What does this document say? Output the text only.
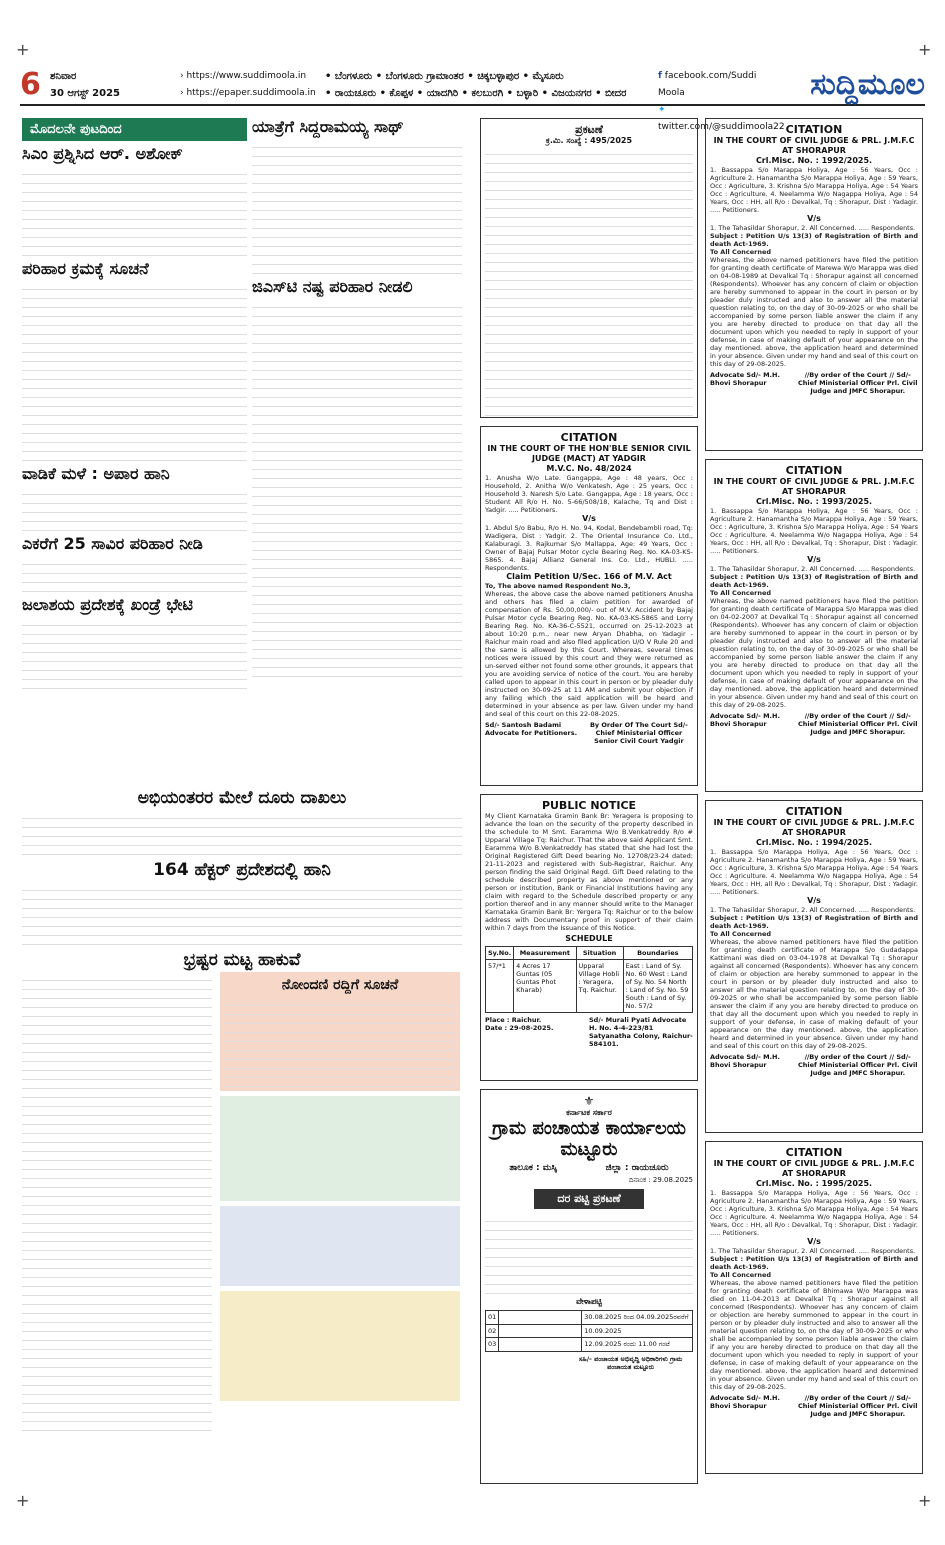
+	+
+	+
6 ಶನಿವಾರ
30 ಆಗಸ್ಟ್ 2025
› https://www.suddimoola.in
› https://epaper.suddimoola.in
• ಬೆಂಗಳೂರು • ಬೆಂಗಳೂರು ಗ್ರಾಮಾಂತರ • ಚಿಕ್ಕಬಳ್ಳಾಪುರ • ಮೈಸೂರು
• ರಾಯಚೂರು • ಕೊಪ್ಪಳ • ಯಾದಗಿರಿ • ಕಲಬುರಗಿ • ಬಳ್ಳಾರಿ • ವಿಜಯನಗರ • ಬೀದರ
f facebook.com/Suddi Moola
✦ twitter.com/@suddimoola22
ಸುದ್ದಿಮೂಲ
ಮೊದಲನೇ ಪುಟದಿಂದ
ಸಿಎಂ ಪ್ರಶ್ನಿಸಿದ ಆರ್. ಅಶೋಕ್
ಪರಿಹಾರ ಕ್ರಮಕ್ಕೆ ಸೂಚನೆ
ವಾಡಿಕೆ ಮಳೆ : ಅಪಾರ ಹಾನಿ
ಎಕರೆಗೆ 25 ಸಾವಿರ ಪರಿಹಾರ ನೀಡಿ
ಜಲಾಶಯ ಪ್ರದೇಶಕ್ಕೆ ಖಂಡ್ರೆ ಭೇಟಿ
ಯಾತ್ರೆಗೆ ಸಿದ್ದರಾಮಯ್ಯ ಸಾಥ್
ಜಿಎಸ್‌ಟಿ ನಷ್ಟ ಪರಿಹಾರ ನೀಡಲಿ
ಅಭಿಯಂತರರ ಮೇಲೆ ದೂರು ದಾಖಲು
164 ಹೆಕ್ಟರ್ ಪ್ರದೇಶದಲ್ಲಿ ಹಾನಿ
ಭ್ರಷ್ಟರ ಮಟ್ಟ ಹಾಕುವೆ
ನೋಂದಣಿ ರದ್ದಿಗೆ ಸೂಚನೆ
ಪ್ರಕಟಣೆ
ಕ್ರ.ಮಿ. ಸಂಖ್ಯೆ : 495/2025
CITATION
IN THE COURT OF THE HON'BLE SENIOR CIVIL JUDGE (MACT) AT YADGIR
M.V.C. No. 48/2024
1. Anusha W/o Late. Gangappa, Age : 48 years, Occ : Household, 2. Anitha W/o Venkatesh, Age : 25 years, Occ : Household 3. Naresh S/o Late. Gangappa, Age : 18 years, Occ : Student All R/o H. No. 5-66/508/18, Kalache, Tq and Dist : Yadgir. ..... Petitioners.
V/s
1. Abdul S/o Babu, R/o H. No. 94, Kodal, Bendebambli road, Tq: Wadigera, Dist : Yadgir. 2. The Oriental Insurance Co. Ltd., Kalaburagi. 3. Rajkumar S/o Mallappa, Age: 49 Years, Occ : Owner of Bajaj Pulsar Motor cycle Bearing Reg. No. KA-03-KS-5865. 4. Bajaj Allianz General Ins. Co. Ltd., HUBLI. ..... Respondents.
Claim Petition U/Sec. 166 of M.V. Act
To, The above named Respondent No.3,
Whereas, the above case the above named petitioners Anusha and others has filed a claim petition for awarded of compensation of Rs. 50,00,000/- out of M.V. Accident by Bajaj Pulsar Motor cycle Bearing Reg. No. KA-03-KS-5865 and Lorry Bearing Reg. No. KA-36-C-5521, occurred on 25-12-2023 at about 10:20 p.m., near new Aryan Dhabha, on Yadagir - Raichur main road and also filed application U/O V Rule 20 and the same is allowed by this Court. Whereas, several times notices were issued by this court and they were returned as un-served either not found some other grounds, it appears that you are avoiding service of notice of the court. You are hereby called upon to appear in this court in person or by pleader duly instructed on 30-09-25 at 11 AM and submit your objection if any failing which the said application will be heard and determined in your absence as per law. Given under my hand and seal of this court on this 22-08-2025.
Sd/- Santosh Badami Advocate for Petitioners.
By Order Of The Court Sd/- Chief Ministerial Officer Senior Civil Court Yadgir
PUBLIC NOTICE
My Client Karnataka Gramin Bank Br: Yeragera is proposing to advance the loan on the security of the property described in the schedule to M Smt. Earamma W/o B.Venkatreddy R/o # Upparal Village Tq: Raichur. That the above said Applicant Smt. Earamma W/o B.Venkatreddy has stated that she had lost the Original Registered Gift Deed bearing No. 12708/23-24 dated: 21-11-2023 and registered with Sub-Registrar, Raichur. Any person finding the said Original Regd. Gift Deed relating to the schedule described property as above mentioned or any person or institution, Bank or Financial Institutions having any claim with regard to the Schedule described property or any portion thereof and in any manner should write to the Manager Karnataka Gramin Bank Br: Yergera Tq: Raichur or to the below address with Documentary proof in support of their claim within 7 days from the Issuance of this Notice.
SCHEDULE
Sy.No.	Measurement	Situation	Boundaries
57/*1	4 Acres 17 Guntas (05 Guntas Phot Kharab)	Upparal Village Hobli : Yeragera, Tq. Raichur.	East : Land of Sy. No. 60 West : Land of Sy. No. 54 North : Land of Sy. No. 59 South : Land of Sy. No. 57/2
Place : Raichur.
Date : 29-08-2025.
Sd/- Murali Pyati Advocate H. No. 4-4-223/81 Satyanatha Colony, Raichur-584101.
⚜
ಕರ್ನಾಟಕ ಸರ್ಕಾರ
ಗ್ರಾಮ ಪಂಚಾಯತ ಕಾರ್ಯಾಲಯ ಮಟ್ಟೂರು
ತಾಲೂಕ : ಮಸ್ಕಿ	ಜಿಲ್ಲಾ : ರಾಯಚೂರು
ದಿನಾಂಕ : 29.08.2025
ದರ ಪಟ್ಟಿ ಪ್ರಕಟಣೆ
ವೇಳಾಪಟ್ಟಿ
01		30.08.2025 ರಿಂದ 04.09.2025ರವರೆಗೆ
02		10.09.2025
03		12.09.2025 ರಂದು 11.00 ಗಂಟೆ
ಸಹಿ/- ಪಂಚಾಯತ ಅಭಿವೃದ್ಧಿ ಅಧಿಕಾರಿಗಳು ಗ್ರಾಮ ಪಂಚಾಯತ ಮಟ್ಟೂರು
CITATION
IN THE COURT OF CIVIL JUDGE & PRL. J.M.F.C AT SHORAPUR
Crl.Misc. No. : 1992/2025.
1. Bassappa S/o Marappa Holiya, Age : 56 Years, Occ : Agriculture 2. Hanamantha S/o Marappa Holiya, Age : 59 Years, Occ : Agriculture, 3. Krishna S/o Marappa Holiya, Age : 54 Years Occ : Agriculture. 4. Neelamma W/o Nagappa Holiya, Age : 54 Years, Occ : HH, all R/o : Devalkal, Tq : Shorapur, Dist : Yadagir. ..... Petitioners.
V/s
1. The Tahasildar Shorapur, 2. All Concerned. ..... Respondents.
Subject : Petition U/s 13(3) of Registration of Birth and death Act-1969.
To All Concerned
Whereas, the above named petitioners have filed the petition for granting death certificate of Marewa W/o Marappa was died on 04-08-1989 at Devalkal Tq : Shorapur against all concerned (Respondents). Whoever has any concern of claim or objection are hereby summoned to appear in the court in person or by pleader duly instructed and also to answer all the material question relating to, on the day of 30-09-2025 or who shall be accompanied by some person liable answer the claim if any you are hereby directed to produce on that day all the document upon which you needed to reply in support of your defense, in case of making default of your appearance on the day mentioned. above, the application heard and determined in your absence. Given under my hand and seal of this court on this day of 29-08-2025.
Advocate Sd/- M.H. Bhovi Shorapur
//By order of the Court // Sd/- Chief Ministerial Officer Prl. Civil Judge and JMFC Shorapur.
CITATION
IN THE COURT OF CIVIL JUDGE & PRL. J.M.F.C AT SHORAPUR
Crl.Misc. No. : 1993/2025.
1. Bassappa S/o Marappa Holiya, Age : 56 Years, Occ : Agriculture 2. Hanamantha S/o Marappa Holiya, Age : 59 Years, Occ : Agriculture, 3. Krishna S/o Marappa Holiya, Age : 54 Years Occ : Agriculture. 4. Neelamma W/o Nagappa Holiya, Age : 54 Years, Occ : HH, all R/o : Devalkal, Tq : Shorapur, Dist : Yadagir. ..... Petitioners.
V/s
1. The Tahasildar Shorapur, 2. All Concerned. ..... Respondents.
Subject : Petition U/s 13(3) of Registration of Birth and death Act-1969.
To All Concerned
Whereas, the above named petitioners have filed the petition for granting death certificate of Marappa S/o Marappa was died on 04-02-2007 at Devalkal Tq : Shorapur against all concerned (Respondents). Whoever has any concern of claim or objection are hereby summoned to appear in the court in person or by pleader duly instructed and also to answer all the material question relating to, on the day of 30-09-2025 or who shall be accompanied by some person liable answer the claim if any you are hereby directed to produce on that day all the document upon which you needed to reply in support of your defense, in case of making default of your appearance on the day mentioned. above, the application heard and determined in your absence. Given under my hand and seal of this court on this day of 29-08-2025.
Advocate Sd/- M.H. Bhovi Shorapur
//By order of the Court // Sd/- Chief Ministerial Officer Prl. Civil Judge and JMFC Shorapur.
CITATION
IN THE COURT OF CIVIL JUDGE & PRL. J.M.F.C AT SHORAPUR
Crl.Misc. No. : 1994/2025.
1. Bassappa S/o Marappa Holiya, Age : 56 Years, Occ : Agriculture 2. Hanamantha S/o Marappa Holiya, Age : 59 Years, Occ : Agriculture, 3. Krishna S/o Marappa Holiya, Age : 54 Years Occ : Agriculture. 4. Neelamma W/o Nagappa Holiya, Age : 54 Years, Occ : HH, all R/o : Devalkal, Tq : Shorapur, Dist : Yadagir. ..... Petitioners.
V/s
1. The Tahasildar Shorapur, 2. All Concerned. ..... Respondents.
Subject : Petition U/s 13(3) of Registration of Birth and death Act-1969.
To All Concerned
Whereas, the above named petitioners have filed the petition for granting death certificate of Marappa S/o Gudadappa Kattimani was died on 03-04-1978 at Devalkal Tq : Shorapur against all concerned (Respondents). Whoever has any concern of claim or objection are hereby summoned to appear in the court in person or by pleader duly instructed and also to answer all the material question relating to, on the day of 30-09-2025 or who shall be accompanied by some person liable answer the claim if any you are hereby directed to produce on that day all the document upon which you needed to reply in support of your defense, in case of making default of your appearance on the day mentioned. above, the application heard and determined in your absence. Given under my hand and seal of this court on this day of 29-08-2025.
Advocate Sd/- M.H. Bhovi Shorapur
//By order of the Court // Sd/- Chief Ministerial Officer Prl. Civil Judge and JMFC Shorapur.
CITATION
IN THE COURT OF CIVIL JUDGE & PRL. J.M.F.C AT SHORAPUR
Crl.Misc. No. : 1995/2025.
1. Bassappa S/o Marappa Holiya, Age : 56 Years, Occ : Agriculture 2. Hanamantha S/o Marappa Holiya, Age : 59 Years, Occ : Agriculture, 3. Krishna S/o Marappa Holiya, Age : 54 Years Occ : Agriculture. 4. Neelamma W/o Nagappa Holiya, Age : 54 Years, Occ : HH, all R/o : Devalkal, Tq : Shorapur, Dist : Yadagir. ..... Petitioners.
V/s
1. The Tahasildar Shorapur, 2. All Concerned. ..... Respondents.
Subject : Petition U/s 13(3) of Registration of Birth and death Act-1969.
To All Concerned
Whereas, the above named petitioners have filed the petition for granting death certificate of Bhimawa W/o Marappa was died on 11-04-2013 at Devalkal Tq : Shorapur against all concerned (Respondents). Whoever has any concern of claim or objection are hereby summoned to appear in the court in person or by pleader duly instructed and also to answer all the material question relating to, on the day of 30-09-2025 or who shall be accompanied by some person liable answer the claim if any you are hereby directed to produce on that day all the document upon which you needed to reply in support of your defense, in case of making default of your appearance on the day mentioned. above, the application heard and determined in your absence. Given under my hand and seal of this court on this day of 29-08-2025.
Advocate Sd/- M.H. Bhovi Shorapur
//By order of the Court // Sd/- Chief Ministerial Officer Prl. Civil Judge and JMFC Shorapur.
